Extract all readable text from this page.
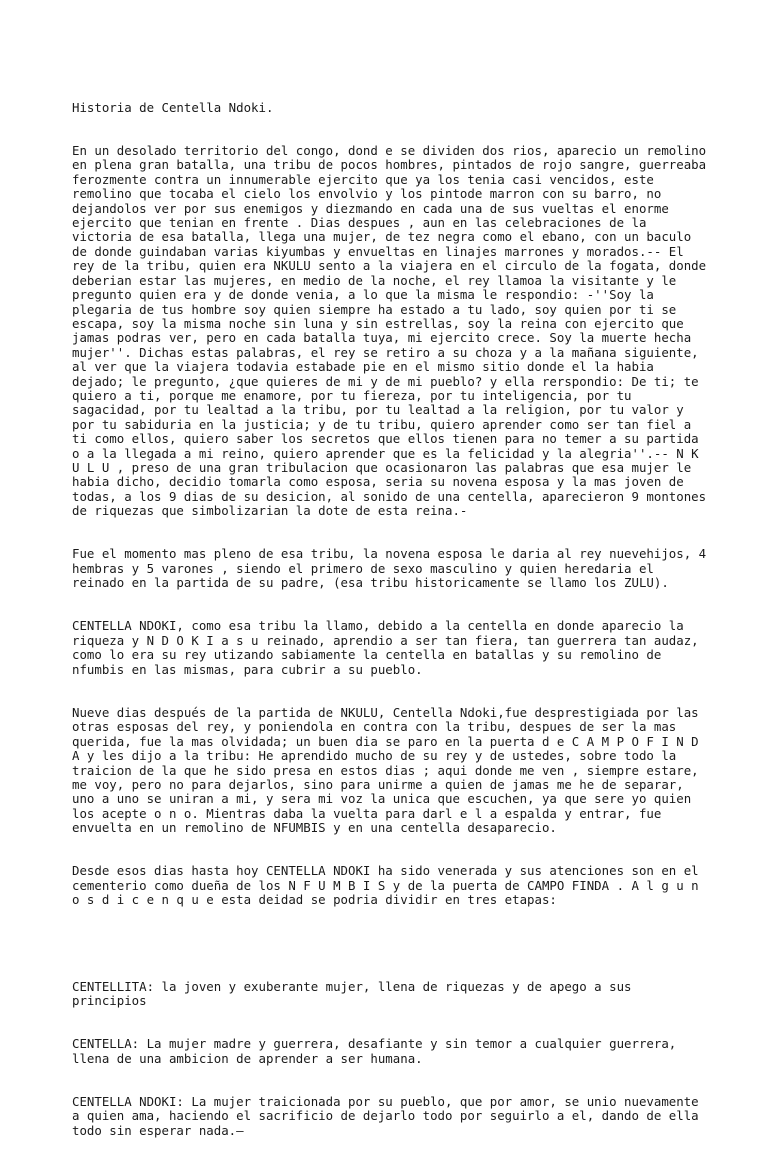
Historia de Centella Ndoki.

En un desolado territorio del congo, dond e se dividen dos rios, aparecio un remolino en plena gran batalla, una tribu de pocos hombres, pintados de rojo sangre, guerreaba ferozmente contra un innumerable ejercito que ya los tenia casi vencidos, este remolino que tocaba el cielo los envolvio y los pintode marron con su barro, no dejandolos ver por sus enemigos y diezmando en cada una de sus vueltas el enorme ejercito que tenian en frente . Dias despues , aun en las celebraciones de la victoria de esa batalla, llega una mujer, de tez negra como el ebano, con un baculo de donde guindaban varias kiyumbas y envueltas en linajes marrones y morados.-- El rey de la tribu, quien era NKULU sento a la viajera en el circulo de la fogata, donde deberian estar las mujeres, en medio de la noche, el rey llamoa la visitante y le pregunto quien era y de donde venia, a lo que la misma le respondio: -''Soy la plegaria de tus hombre soy quien siempre ha estado a tu lado, soy quien por ti se escapa, soy la misma noche sin luna y sin estrellas, soy la reina con ejercito que jamas podras ver, pero en cada batalla tuya, mi ejercito crece. Soy la muerte hecha mujer''. Dichas estas palabras, el rey se retiro a su choza y a la mañana siguiente, al ver que la viajera todavia estabade pie en el mismo sitio donde el la habia dejado; le pregunto, ¿que quieres de mi y de mi pueblo? y ella rerspondio: De ti; te quiero a ti, porque me enamore, por tu fiereza, por tu inteligencia, por tu sagacidad, por tu lealtad a la tribu, por tu lealtad a la religion, por tu valor y por tu sabiduria en la justicia; y de tu tribu, quiero aprender como ser tan fiel a ti como ellos, quiero saber los secretos que ellos tienen para no temer a su partida o a la llegada a mi reino, quiero aprender que es la felicidad y la alegria''.-- N K U L U , preso de una gran tribulacion que ocasionaron las palabras que esa mujer le habia dicho, decidio tomarla como esposa, seria su novena esposa y la mas joven de todas, a los 9 dias de su desicion, al sonido de una centella, aparecieron 9 montones de riquezas que simbolizarian la dote de esta reina.-

Fue el momento mas pleno de esa tribu, la novena esposa le daria al rey nuevehijos, 4 hembras y 5 varones , siendo el primero de sexo masculino y quien heredaria el reinado en la partida de su padre, (esa tribu historicamente se llamo los ZULU).

CENTELLA NDOKI, como esa tribu la llamo, debido a la centella en donde aparecio la riqueza y N D O K I a s u reinado, aprendio a ser tan fiera, tan guerrera tan audaz, como lo era su rey utizando sabiamente la centella en batallas y su remolino de nfumbis en las mismas, para cubrir a su pueblo.

Nueve dias después de la partida de NKULU, Centella Ndoki,fue desprestigiada por las otras esposas del rey, y poniendola en contra con la tribu, despues de ser la mas querida, fue la mas olvidada; un buen dia se paro en la puerta d e C A M P O F I N D A y les dijo a la tribu: He aprendido mucho de su rey y de ustedes, sobre todo la traicion de la que he sido presa en estos dias ; aqui donde me ven , siempre estare, me voy, pero no para dejarlos, sino para unirme a quien de jamas me he de separar, uno a uno se uniran a mi, y sera mi voz la unica que escuchen, ya que sere yo quien los acepte o n o. Mientras daba la vuelta para darl e l a espalda y entrar, fue envuelta en un remolino de NFUMBIS y en una centella desaparecio.

Desde esos dias hasta hoy CENTELLA NDOKI ha sido venerada y sus atenciones son en el cementerio como dueña de los N F U M B I S y de la puerta de CAMPO FINDA . A l g u n o s d i c e n q u e esta deidad se podria dividir en tres etapas:

CENTELLITA: la joven y exuberante mujer, llena de riquezas y de apego a sus principios

CENTELLA: La mujer madre y guerrera, desafiante y sin temor a cualquier guerrera, llena de una ambicion de aprender a ser humana.

CENTELLA NDOKI: La mujer traicionada por su pueblo, que por amor, se unio nuevamente a quien ama, haciendo el sacrificio de dejarlo todo por seguirlo a el, dando de ella todo sin esperar nada.—
